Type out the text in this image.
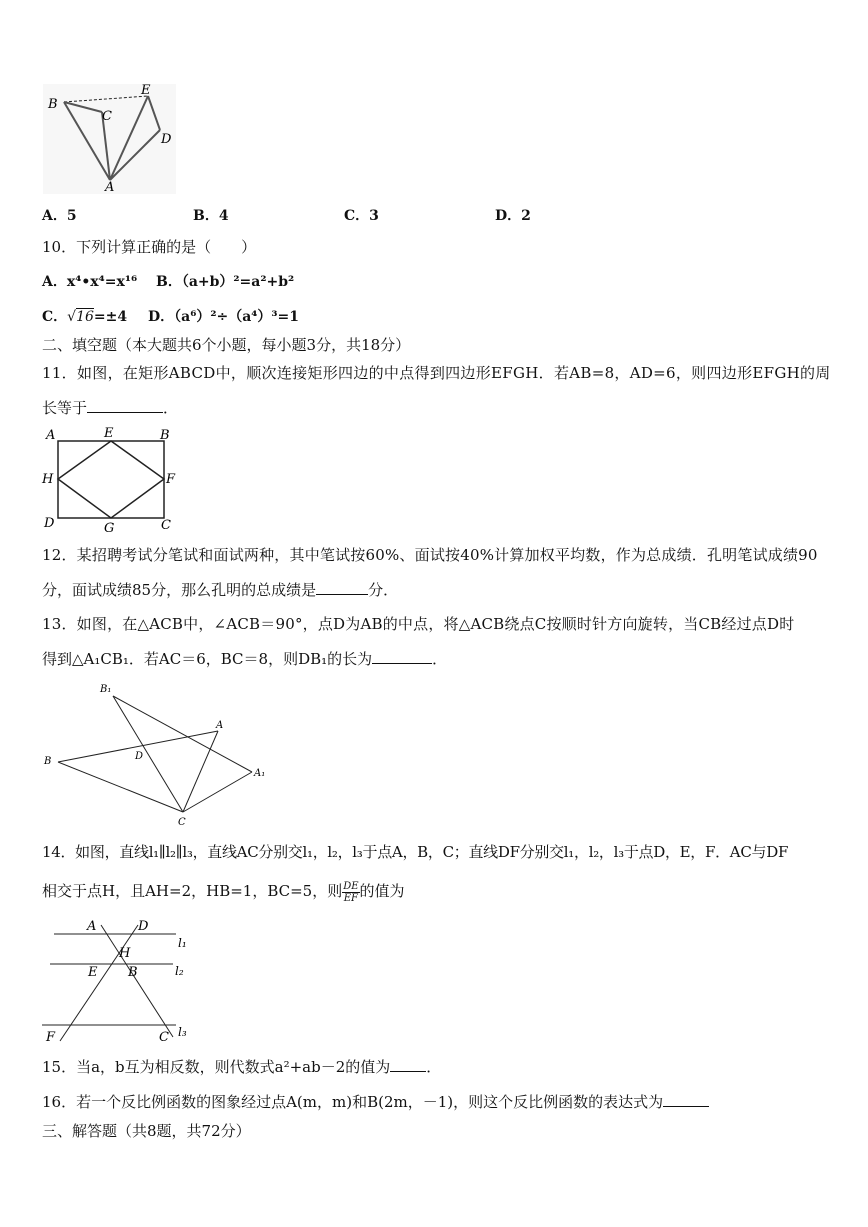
B
C
E
D
A
A．5	B．4	C．3	D．2
10．下列计算正确的是（　　）
A．x⁴•x⁴=x¹⁶ B．（a+b）²=a²+b²
C．√16=±4 D．（a⁶）²÷（a⁴）³=1
二、填空题（本大题共6个小题，每小题3分，共18分）
11．如图，在矩形ABCD中，顺次连接矩形四边的中点得到四边形EFGH．若AB=8，AD=6，则四边形EFGH的周
长等于	．
A	E	B
H	F
D	G	C
12．某招聘考试分笔试和面试两种，其中笔试按60%、面试按40%计算加权平均数，作为总成绩．孔明笔试成绩90
分，面试成绩85分，那么孔明的总成绩是	分．
13．如图，在△ACB中，∠ACB＝90°，点D为AB的中点，将△ACB绕点C按顺时针方向旋转，当CB经过点D时
得到△A₁CB₁．若AC＝6，BC＝8，则DB₁的长为	．
B₁
A
B	D
A₁
C
14．如图，直线l₁∥l₂∥l₃，直线AC分别交l₁，l₂，l₃于点A，B，C；直线DF分别交l₁，l₂，l₃于点D，E，F．AC与DF
相交于点H，且AH=2，HB=1，BC=5，则 $\frac{DE}{EF}$ 的值为
A	D
l₁
H
E B	l₂
F	C l₃
15．当a，b互为相反数，则代数式a²+ab－2的值为 ．
16．若一个反比例函数的图象经过点A(m，m)和B(2m，－1)，则这个反比例函数的表达式为
三、解答题（共8题，共72分）
